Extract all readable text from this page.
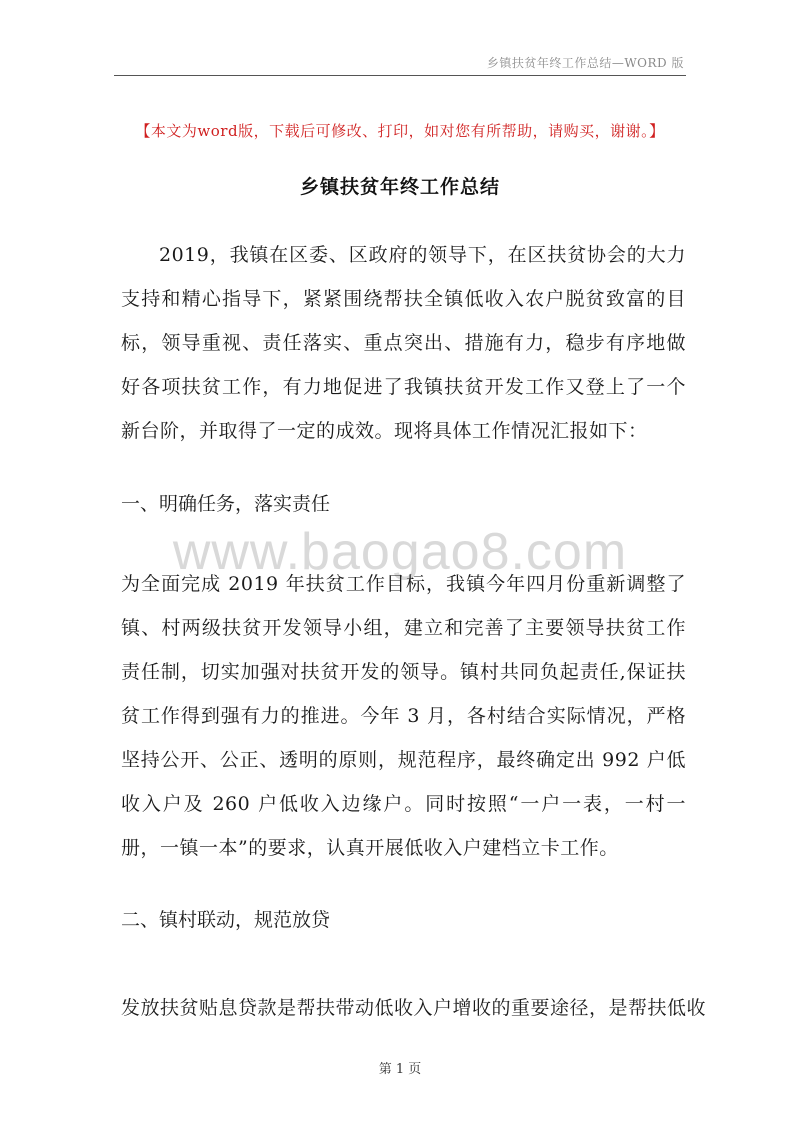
乡镇扶贫年终工作总结—WORD 版
【本文为word版，下载后可修改、打印，如对您有所帮助，请购买，谢谢。】
乡镇扶贫年终工作总结

2019，我镇在区委、区政府的领导下，在区扶贫协会的大力支持和精心指导下，紧紧围绕帮扶全镇低收入农户脱贫致富的目标，领导重视、责任落实、重点突出、措施有力，稳步有序地做好各项扶贫工作，有力地促进了我镇扶贫开发工作又登上了一个新台阶，并取得了一定的成效。现将具体工作情况汇报如下：

一、明确任务，落实责任

www.baogao8.com

为全面完成 2019 年扶贫工作目标，我镇今年四月份重新调整了镇、村两级扶贫开发领导小组，建立和完善了主要领导扶贫工作责任制，切实加强对扶贫开发的领导。镇村共同负起责任,保证扶贫工作得到强有力的推进。今年 3 月，各村结合实际情况，严格坚持公开、公正、透明的原则，规范程序，最终确定出 992 户低收入户及 260 户低收入边缘户。同时按照“一户一表，一村一册，一镇一本”的要求，认真开展低收入户建档立卡工作。

二、镇村联动，规范放贷

发放扶贫贴息贷款是帮扶带动低收入户增收的重要途径，是帮扶低收

第 1 页
